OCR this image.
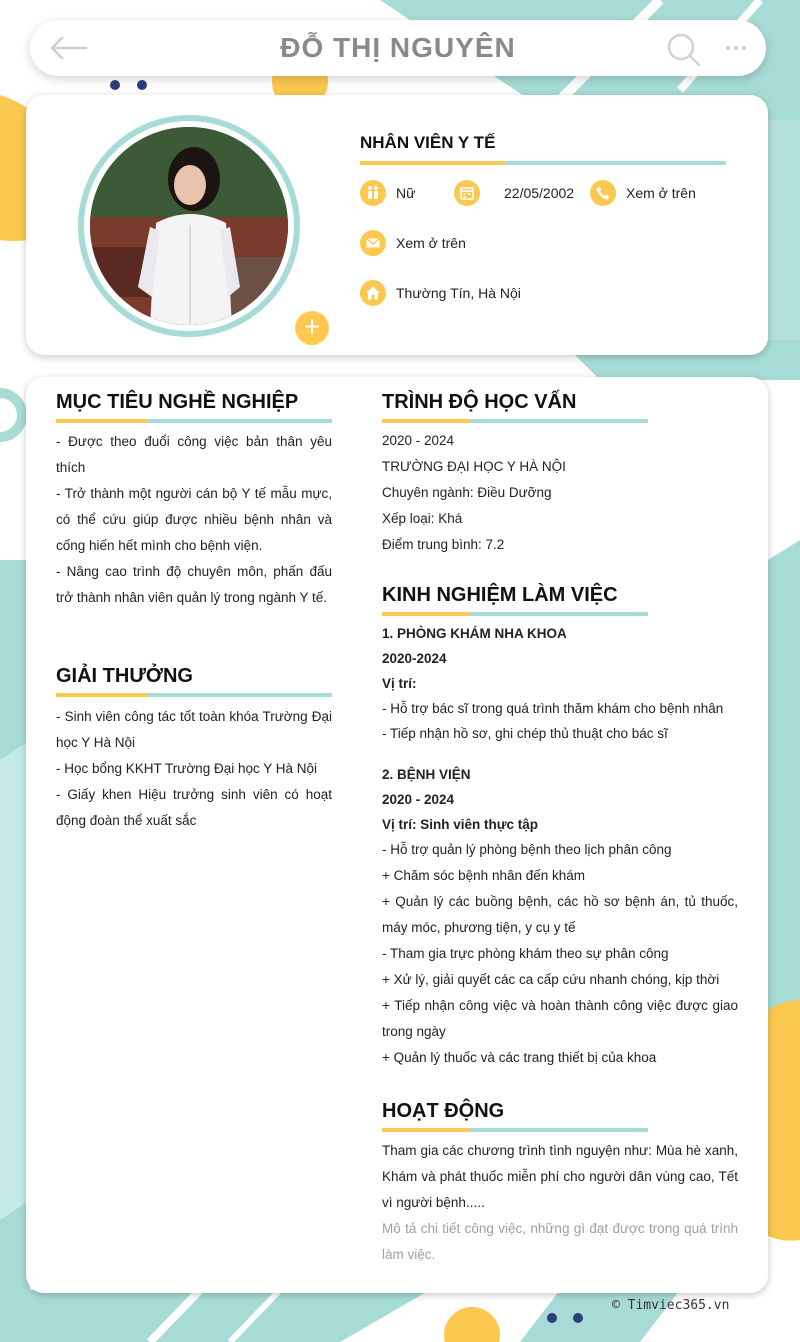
ĐỖ THỊ NGUYÊN
+
NHÂN VIÊN Y TẾ
Nữ	22/05/2002	Xem ở trên
Xem ở trên
Thường Tín, Hà Nội
MỤC TIÊU NGHỀ NGHIỆP
- Được theo đuổi công việc bản thân yêu thích
- Trở thành một người cán bộ Y tế mẫu mực, có thể cứu giúp được nhiều bệnh nhân và cống hiến hết mình cho bệnh viện.
- Nâng cao trình độ chuyên môn, phấn đấu trở thành nhân viên quản lý trong ngành Y tế.
GIẢI THƯỞNG
- Sinh viên công tác tốt toàn khóa Trường Đại học Y Hà Nội
- Học bổng KKHT Trường Đại học Y Hà Nội
- Giấy khen Hiệu trưởng sinh viên có hoạt động đoàn thể xuất sắc
TRÌNH ĐỘ HỌC VẤN
2020 - 2024
TRƯỜNG ĐẠI HỌC Y HÀ NỘI
Chuyên ngành: Điều Dưỡng
Xếp loại: Khá
Điểm trung bình: 7.2
KINH NGHIỆM LÀM VIỆC
1. PHÒNG KHÁM NHA KHOA
2020-2024
Vị trí:
- Hỗ trợ bác sĩ trong quá trình thăm khám cho bệnh nhân
- Tiếp nhận hồ sơ, ghi chép thủ thuật cho bác sĩ
2. BỆNH VIỆN
2020 - 2024
Vị trí: Sinh viên thực tập
- Hỗ trợ quản lý phòng bệnh theo lịch phân công
+ Chăm sóc bệnh nhân đến khám
+ Quản lý các buồng bệnh, các hồ sơ bệnh án, tủ thuốc, máy móc, phương tiện, y cụ y tế
- Tham gia trực phòng khám theo sự phân công
+ Xử lý, giải quyết các ca cấp cứu nhanh chóng, kịp thời
+ Tiếp nhận công việc và hoàn thành công việc được giao trong ngày
+ Quản lý thuốc và các trang thiết bị của khoa
HOẠT ĐỘNG
Tham gia các chương trình tình nguyện như: Mùa hè xanh, Khám và phát thuốc miễn phí cho người dân vùng cao, Tết vì người bệnh.....
Mô tả chi tiết công việc, những gì đạt được trong quá trình làm việc.
© Timviec365.vn
